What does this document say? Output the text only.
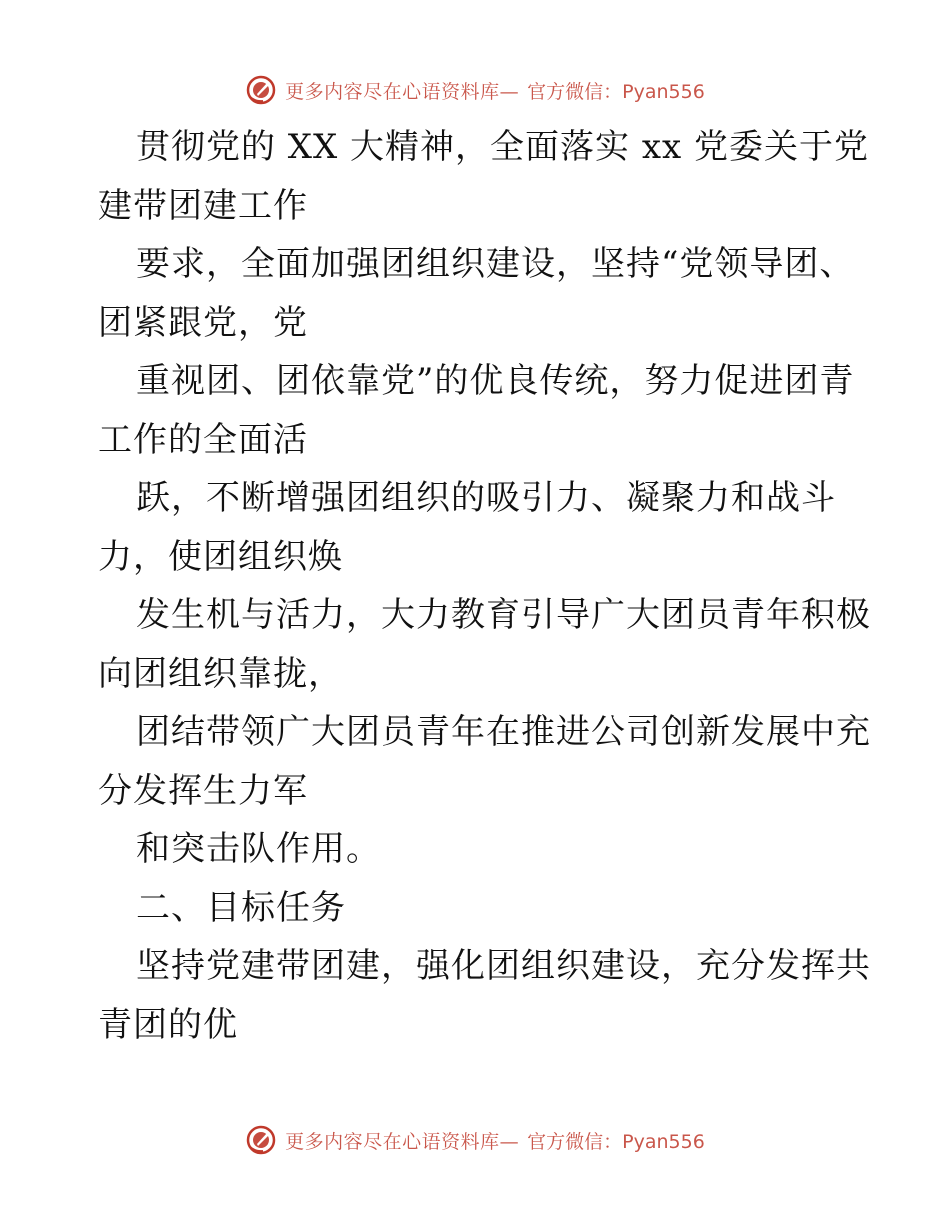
更多内容尽在心语资料库— 官方微信：Pyan556
贯彻党的 XX 大精神，全面落实 xx 党委关于党
建带团建工作
要求，全面加强团组织建设，坚持“党领导团、
团紧跟党，党
重视团、团依靠党”的优良传统，努力促进团青
工作的全面活
跃，不断增强团组织的吸引力、凝聚力和战斗
力，使团组织焕
发生机与活力，大力教育引导广大团员青年积极
向团组织靠拢，
团结带领广大团员青年在推进公司创新发展中充
分发挥生力军
和突击队作用。
二、目标任务
坚持党建带团建，强化团组织建设，充分发挥共
青团的优
更多内容尽在心语资料库— 官方微信：Pyan556
